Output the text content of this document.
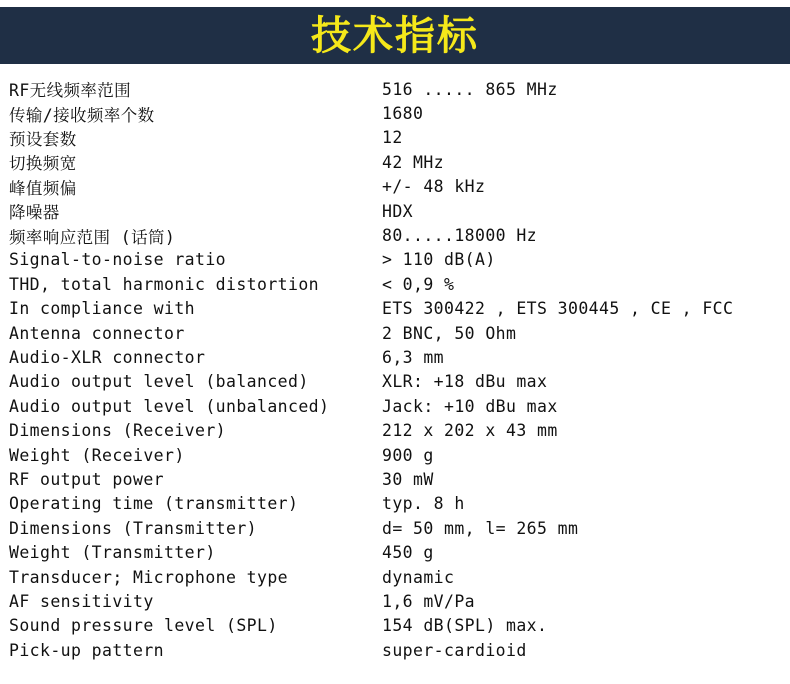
技术指标
RF无线频率范围	516 ..... 865 MHz
传输/接收频率个数	1680
预设套数	12
切换频宽	42 MHz
峰值频偏	+/- 48 kHz
降噪器	HDX
频率响应范围 (话筒)	80.....18000 Hz
Signal-to-noise ratio	> 110 dB(A)
THD, total harmonic distortion	< 0,9 %
In compliance with	ETS 300422 , ETS 300445 , CE , FCC
Antenna connector	2 BNC, 50 Ohm
Audio-XLR connector	6,3 mm
Audio output level (balanced)	XLR: +18 dBu max
Audio output level (unbalanced)	Jack: +10 dBu max
Dimensions (Receiver)	212 x 202 x 43 mm
Weight (Receiver)	900 g
RF output power	30 mW
Operating time (transmitter)	typ. 8 h
Dimensions (Transmitter)	d= 50 mm, l= 265 mm
Weight (Transmitter)	450 g
Transducer; Microphone type	dynamic
AF sensitivity	1,6 mV/Pa
Sound pressure level (SPL)	154 dB(SPL) max.
Pick-up pattern	super-cardioid
